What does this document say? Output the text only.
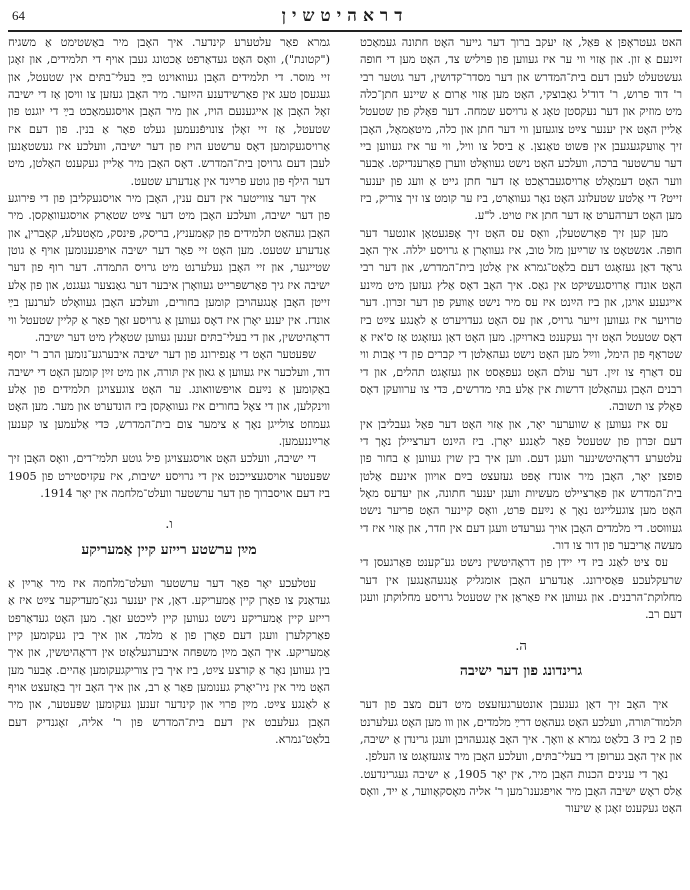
64	דראהיטשין

האט געטראָפן אַ פּאַל, אַז יעקב ברוך דער גייער האָט חתונה געמאַכט זײַנעם אַ זון. און אַזוי ווי ער איז געווען פון פּויליש צד, האָט מען די חופה געשטעלט לעבן דעם בית־המדרש און דער מסדר־קדושין, דער גוטער רבי ר' דוד פרוש, ר' דוד'ל גאָבוצקי, האָט מען אַזוי אַרום אַ שיינע חתן־כלה מיט מוזיק און דער נעקסטן טאָג אַ גרויסע שמחה. דער פאָלק פון שטעטל אַליין האָט אין יענער צײַט צוגעזען ווי דער חתן און כלה, מיטאַמאָל, האָבן זיך אַוועקגעגעבן אין פּשוט טאַנצן. אַ ביסל צו וויל, ווי ער איז געווען ביי דער ערשטער ברכה, וועלכע האָט נישט געוואָלט ווערן פאַרענדיקט. אַבער ווער האָט דעמאָלט אַרויסגעבראַכט אַז דער חתן גייט אַ וועג פון יענער זייט? די אַלטע שטעלונג האָט נאָר געוואַרט, ביז ער קומט צו זיך צוריק, ביז מען האָט דערהערט אַז דער חתן איז טויט. ל"ע.

מען קען זיך פאָרשטעלן, וואָס עס האָט זיך אָפּגעטאָן אונטער דער חופּה. אנשטאָט צו שרײַען מזל טוב, איז געוואָרן אַ גרויסע יללה. איך האָב גראָד דאַן געזאָגט דעם בלאַט־גמרא אין אַלטן בית־המדרש, און דער רבי האָט אונדז אַרויסגעשיקט אין גאַס. איך האָב דאָס אַלץ געזען מיט מײַנע אייגענע אויגן, און ביז הײַנט איז עס מיר נישט אַוועק פון דער זכּרון. דער טרויער איז געווען זייער גרויס, און עס האָט געדויערט אַ לאַנגע צײַט ביז דאָס שטעטל האָט זיך געקענט בארויִקן. מען האָט דאַן געזאָגט אַז ס'איז אַ שטראָף פון הימל, ווײַל מען האָט נישט געהאַלטן די קברים פון די אָבות ווי עס דאַרף צו זײַן. דער עולם האָט געפאַסט און געזאָגט תהלים, און די רבנים האָבן געהאַלטן דרשות אין אַלע בתּי מדרשים, כּדי צו ערוועקן דאָס פאָלק צו תשובה.

עס איז געווען אַ שווערער יאָר, און אַזוי האָט דער פאַל געבליבן אין דעם זכּרון פון שטעטל פאַר לאַנגע יאָרן. ביז הײַנט דערציילן נאָך די עלטערע דראָהיטשינער וועגן דעם. ווען איך בין שוין געווען אַ בחור פון פופצן יאָר, האָבן מיר אונדז אָפט געזעצט בײַם אויוון אינעם אַלטן בית־המדרש און פאַרציילט מעשיות וועגן יענער חתונה, און יעדעס מאָל האָט מען צוגעלייגט נאָך אַ נײַעם פּרט, וואָס קיינער האָט פריער נישט געוווּסט. די מלמדים האָבן אויך גערעדט וועגן דעם אין חדר, און אַזוי איז די מעשה אַריבער פון דור צו דור.

עס ציט לאַנג ביז די יידן פון דראָהיטשין נישט גע־קענט פאַרגעסן די שרעקלעכע פּאַסירונג. אַנדערע האָבן אומגליק אַנגעהאַנגען אין דער מחלוקת־הרבנים. און געווען איז פאַראַן אין שטעטל גרויסע מחלוקתן וועגן דעם רב.

ה.
גרינדונג פון דער ישיבה

איך האָב זיך דאַן געגעבן אונטערגעזעצט מיט דעם מצב פון דער תּלמוד־תּורה, וועלכע האָט געהאַט דרײַ מלמדים, און ווו מען האָט געלערנט פון 2 ביז 3 בלאַט גמרא אַ וואָך. איך האָב אָנגעהויבן וועגן גרינדן אַ ישיבה, און איך האָב גערופן די בעלי־בתּים, וועלכע האָבן מיר צוגעזאָגט צו העלפן.

נאָך די ענינים הכנות האָבן מיר, אין יאָר 1905, אַ ישיבה געגרינדעט. אַלס ראָש ישיבה האָבן מיר אויפגענו־מען ר' אליה מאָסקאָווער, אַ ייד, וואָס האָט געקענט זאָגן אַ שיעור

גמרא פאַר עלטערע קינדער. איך האָבן מיר באַשטימט אַ משגיח ("קטונת"), וואָס האָט געדאַרפט אַכטונג געבן אויף די תלמידים, און זאָגן זיי מוסר. די תלמידים האָבן געוואוינט בײַ בעלי־בתּים אין שטעטל, און געגעסן טעג אין פאַרשידענע הײַזער. מיר האָבן געזען צו וויסן אַז די ישיבה זאָל האָבן אַן אייגענעם הויז, און מיר האָבן אויסגעמאַכט בײַ די יוגנט פון שטעטל, אַז זיי זאָלן צונויפֿנעמען געלט פאַר אַ בנין. פון דעם איז אַרויסגעקומען דאָס ערשטע הויז פון דער ישיבה, וועלכע איז געשטאַנען לעבן דעם גרויסן בית־המדרש. דאָס האָבן מיר אַליין געקענט האַלטן, מיט דער הילף פון גוטע פרײַנד אין אַנדערע שטעט.

איך דער צווייטער אין דעם ענין, האָבן מיר אויסגעקליבן פון די פּירוגע פון דער ישיבה, וועלכע האָבן מיט דער צײַט שטאַרק אויסגעוואַקסן. מיר האָבן געהאַט תלמידים פון קאַמעניץ, בריסק, פּינסק, מאָטעלע, קאָבריןָ, און אַנדערע שטעט. מען האָט זיי פאַר דער ישיבה אויפגענומען אויף אַ גוטן שטייגער, און זיי האָבן געלערנט מיט גרויס התמדה. דער רוף פון דער ישיבה איז גיך פאַרשפּרייט געוואָרן איבער דער גאַנצער געגנט, און פון אַלע זייטן האָבן אָנגעהויבן קומען בחורים, וועלכע האָבן געוואָלט לערנען בײַ אונדז. אין יענע יאָרן איז דאָס געווען אַ גרויסע זאַך פאַר אַ קליין שטעטל ווי דראָהיטשין, און די בעלי־בתּים זענען געווען שטאָלץ מיט דער ישיבה.

שפּעטער האָט די אָנפירונג פון דער ישיבה איבערגע־נומען הרב ר' יוסף דוד, וועלכער איז געווען אַ גאון אין תּורה, און מיט זײַן קומען האָט די ישיבה באַקומען אַ נײַעם אויפשוואונג. ער האָט צוגעצויגן תלמידים פון אַלע ווינקלען, און די צאָל בחורים איז געוואַקסן ביז הונדערט און מער. מען האָט געמוזט צולייגן נאָך אַ צימער צום בית־המדרש, כּדי אַלעמען צו קענען אַרײַננעמען.

די ישיבה, וועלכע האָט אויסגעצויגן פיל גוטע תלמי־דים, וואָס האָבן זיך שפּעטער אויסגעצייכנט אין די גרויסע ישיבות, איז עקזיסטירט פון 1905 ביז דעם אויסברוך פון דער ערשטער וועלט־מלחמה אין יאָר 1914.

ו.
מײַן ערשטע רייזע קיין אַמעריקע

עטלעכע יאָר פאַר דער ערשטער וועלט־מלחמה איז מיר אַרײַן אַ געדאַנק צו פאָרן קיין אַמעריקע. דאַן, אין יענער גנאָ־מעדיקער צײַט איז אַ רייזע קיין אַמעריקע נישט געווען קיין לײַכטע זאַך. מען האָט געדאַרפט פאַרקלערן וועגן דעם פאָרן פון אַ מלמד, און איך בין געקומען קיין אַמעריקע. איך האָב מײַן משפּחה איבערגעלאָזט אין דראָהיטשין, און איך בין געווען נאָר אַ קורצע צײַט, ביז איך בין צוריקגעקומען אַהיים. אָבער מען האָט מיר אין ניו־יאָרק גענומען פאַר אַ רב, און איך האָב זיך באַזעצט אויף אַ לאַנגע צײַט. מײַן פרוי און קינדער זענען געקומען שפּעטער, און מיר האָבן געלעבט אין דעם בית־המדרש פון ר' אליה, זאָגנדיק דעם בלאַט־גמרא.
